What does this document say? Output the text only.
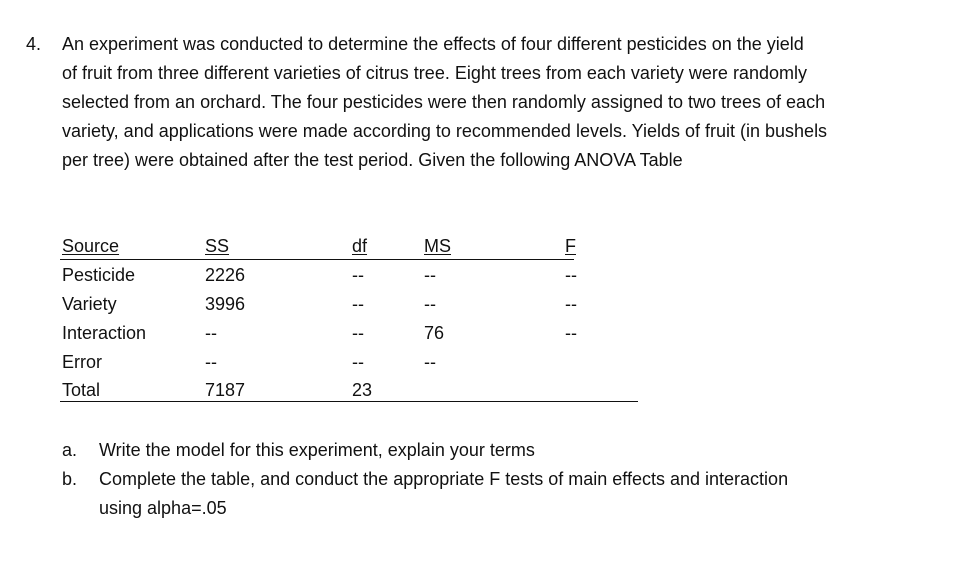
4. An experiment was conducted to determine the effects of four different pesticides on the yield
of fruit from three different varieties of citrus tree. Eight trees from each variety were randomly
selected from an orchard. The four pesticides were then randomly assigned to two trees of each
variety, and applications were made according to recommended levels. Yields of fruit (in bushels
per tree) were obtained after the test period. Given the following ANOVA Table
Source	SS	df	MS	F
Pesticide	2226	--	--	--
Variety	3996	--	--	--
Interaction	--	--	76	--
Error	--	--	--
Total	7187	23
a. Write the model for this experiment, explain your terms
b. Complete the table, and conduct the appropriate F tests of main effects and interaction
using alpha=.05
